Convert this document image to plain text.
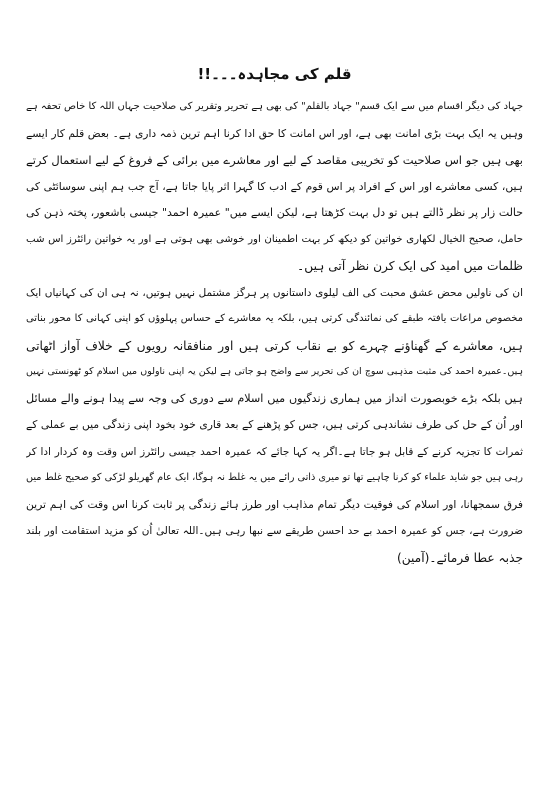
قلم کی مجاہدہ۔۔۔!!
جہاد کی دیگر اقسام میں سے ایک قسم" جہاد بالقلم" کی بھی ہے تحریر وتقریر کی صلاحیت جہاں اللہ کا خاص تحفہ ہے
وہیں یہ ایک بہت بڑی امانت بھی ہے، اور اس امانت کا حق ادا کرنا اہم ترین ذمہ داری ہے۔ بعض قلم کار ایسے
بھی ہیں جو اس صلاحیت کو تخریبی مقاصد کے لیے اور معاشرے میں برائی کے فروغ کے لیے استعمال کرتے
ہیں، کسی معاشرے اور اس کے افراد پر اس قوم کے ادب کا گہرا اثر پایا جاتا ہے، آج جب ہم اپنی سوسائٹی کی
حالت زار پر نظر ڈالتے ہیں تو دل بہت کڑھتا ہے، لیکن ایسے میں" عمیرہ احمد" جیسی باشعور، پختہ ذہن کی
حامل، صحیح الخیال لکھاری خواتین کو دیکھ کر بہت اطمینان اور خوشی بھی ہوتی ہے اور یہ خواتین رائٹرز اس شب
ظلمات میں امید کی ایک کرن نظر آتی ہیں۔
ان کی ناولیں محض عشق محبت کی الف لیلوی داستانوں پر ہرگز مشتمل نہیں ہوتیں، نہ ہی ان کی کہانیاں ایک
مخصوص مراعات یافتہ طبقے کی نمائندگی کرتی ہیں، بلکہ یہ معاشرے کے حساس پہلوؤں کو اپنی کہانی کا محور بناتی
ہیں، معاشرے کے گھناؤنے چہرے کو بے نقاب کرتی ہیں اور منافقانہ رویوں کے خلاف آواز اٹھاتی
ہیں۔عمیرہ احمد کی مثبت مذہبی سوچ ان کی تحریر سے واضح ہو جاتی ہے لیکن یہ اپنی ناولوں میں اسلام کو ٹھونستی نہیں
ہیں بلکہ بڑے خوبصورت انداز میں ہماری زندگیوں میں اسلام سے دوری کی وجہ سے پیدا ہونے والے مسائل
اور اُن کے حل کی طرف نشاندہی کرتی ہیں، جس کو پڑھنے کے بعد قاری خود بخود اپنی زندگی میں بے عملی کے
ثمرات کا تجزیہ کرنے کے قابل ہو جاتا ہے۔اگر یہ کہا جائے کہ عمیرہ احمد جیسی رائٹرز اس وقت وہ کردار ادا کر
رہی ہیں جو شاید علماء کو کرنا چاہیے تھا تو میری ذاتی رائے میں یہ غلط نہ ہوگا، ایک عام گھریلو لڑکی کو صحیح غلط میں
فرق سمجھانا، اور اسلام کی فوقیت دیگر تمام مذاہب اور طرز ہائے زندگی پر ثابت کرنا اس وقت کی اہم ترین
ضرورت ہے، جس کو عمیرہ احمد بے حد احسن طریقے سے نبھا رہی ہیں۔اللہ تعالیٰ اُن کو مزید استقامت اور بلند
جذبہ عطا فرمائے۔(آمین)
